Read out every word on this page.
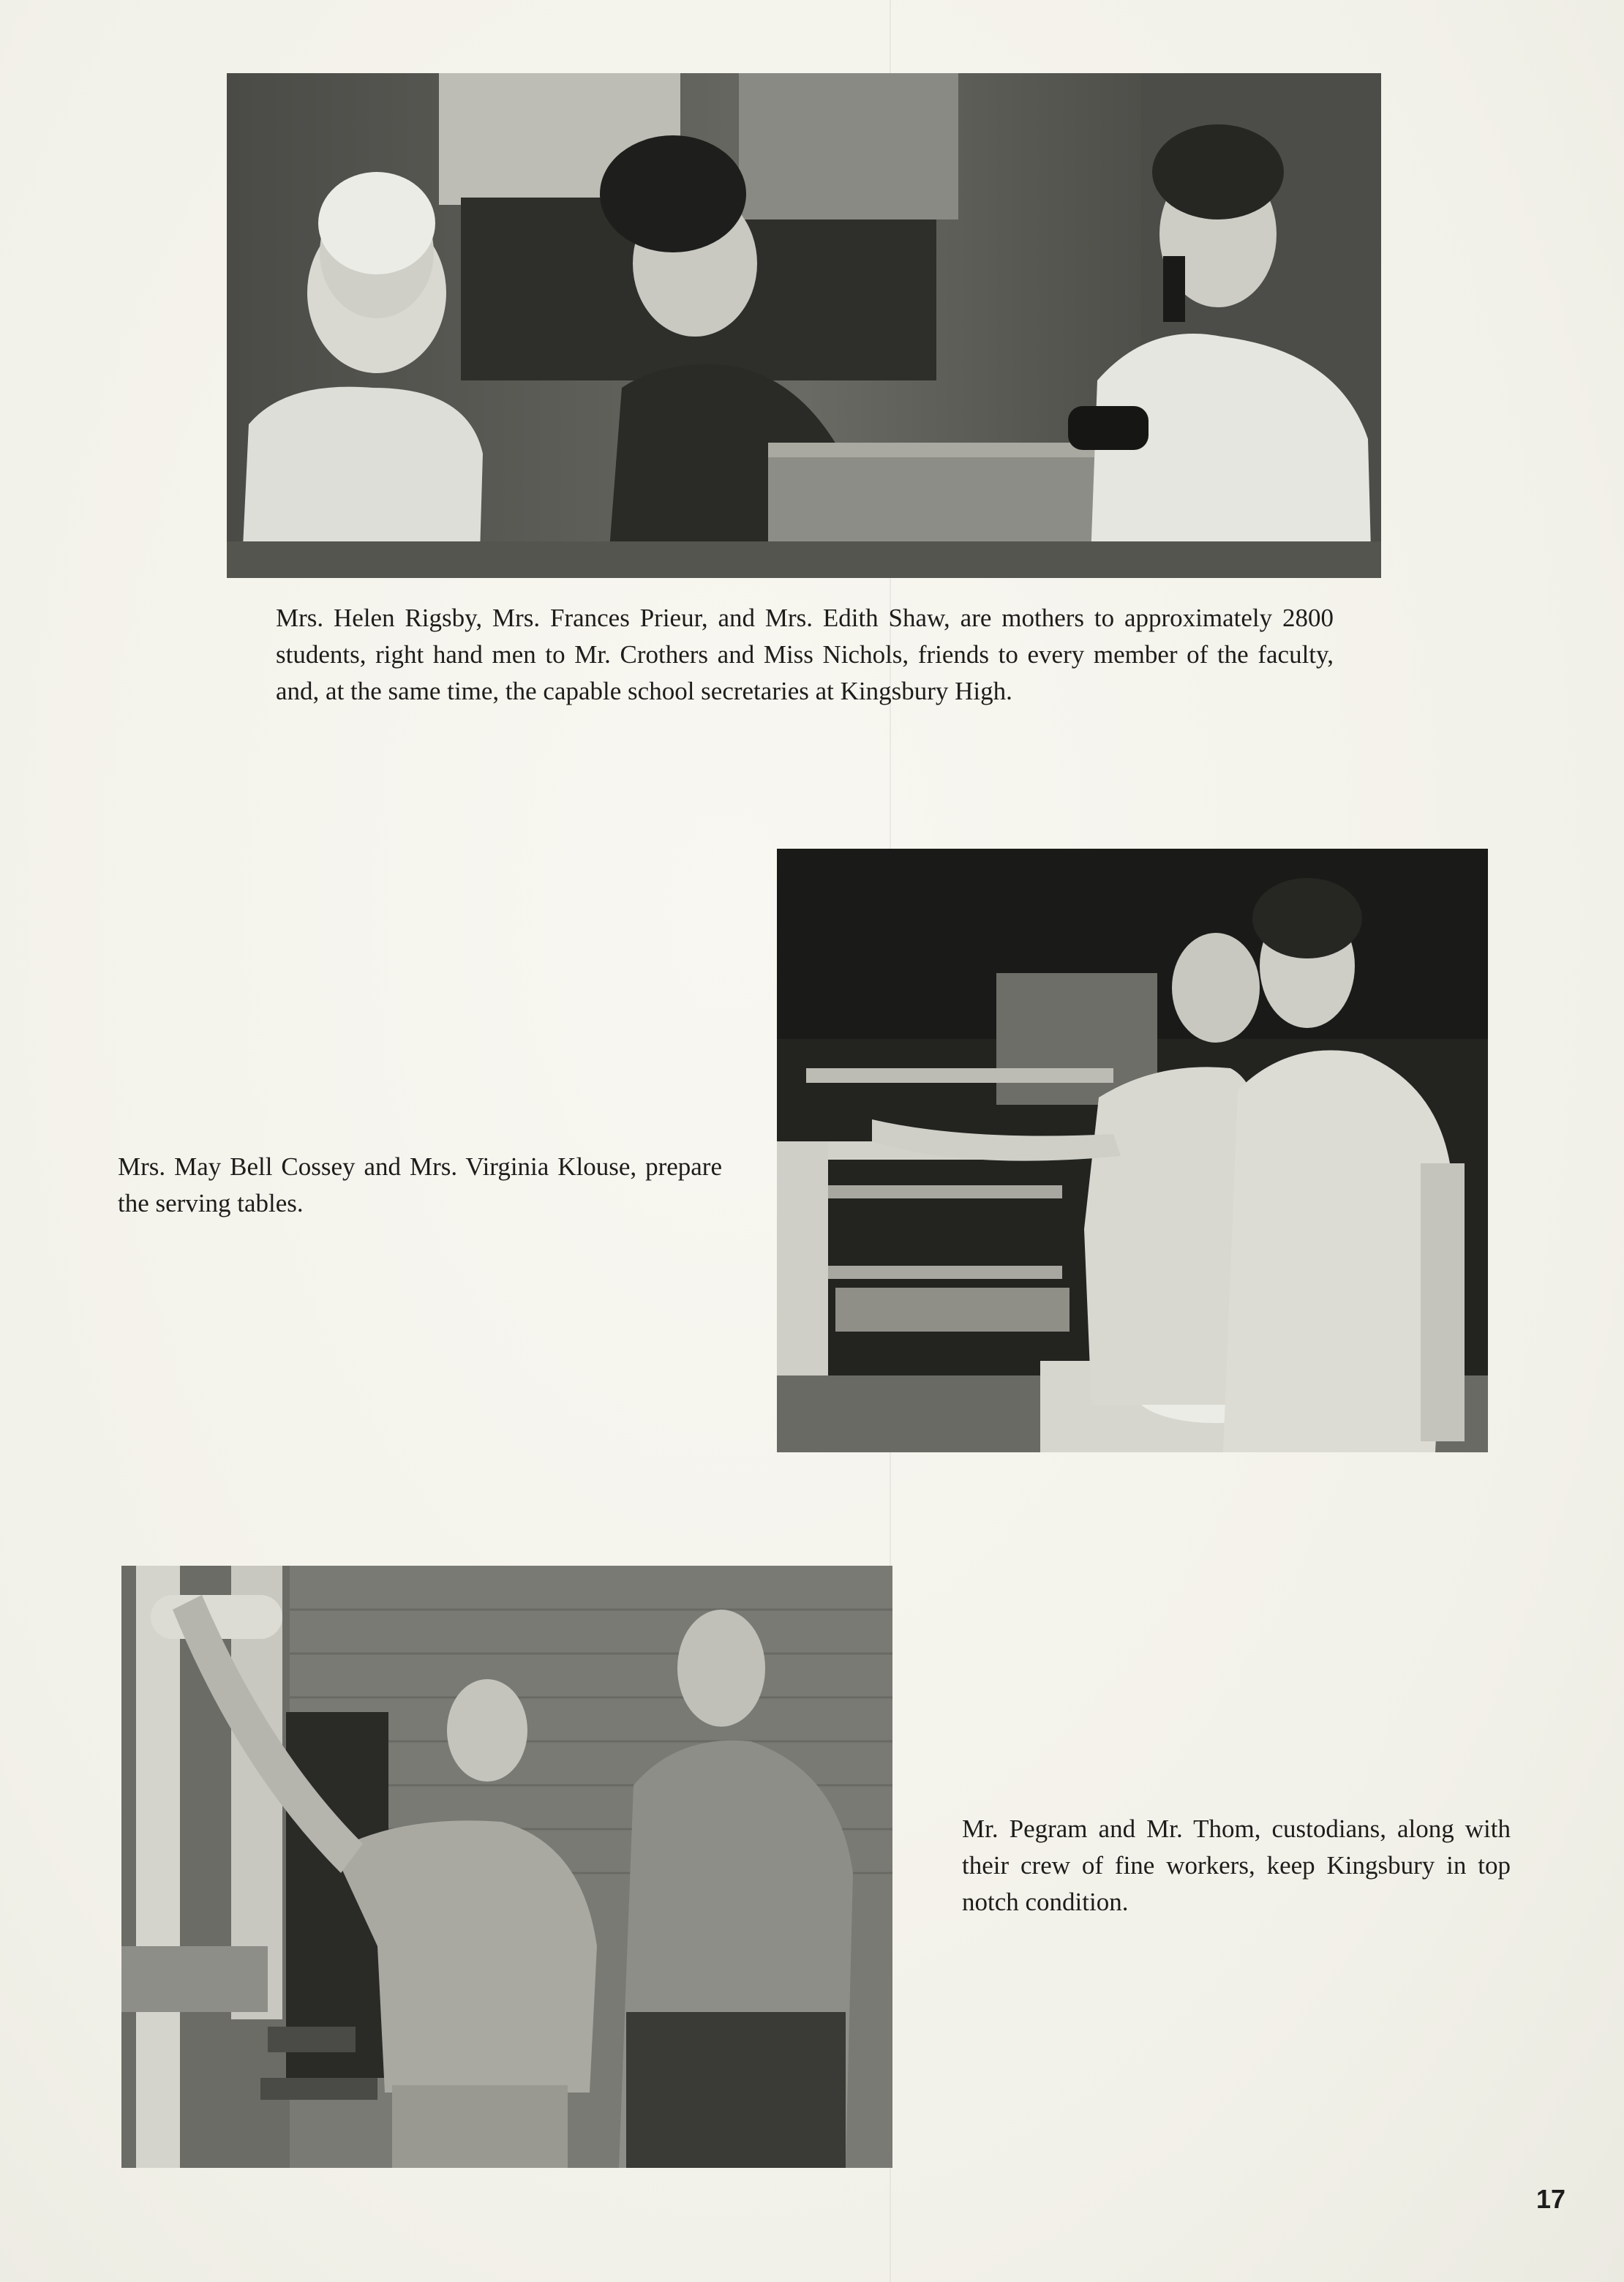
Mrs. Helen Rigsby, Mrs. Frances Prieur, and Mrs. Edith Shaw, are mothers to approximately 2800 students, right hand men to Mr. Crothers and Miss Nichols, friends to every member of the faculty, and, at the same time, the capable school secretaries at Kingsbury High.

Mrs. May Bell Cossey and Mrs. Virginia Klouse, prepare the serving tables.

Mr. Pegram and Mr. Thom, custodians, along with their crew of fine workers, keep Kingsbury in top notch condition.

17
